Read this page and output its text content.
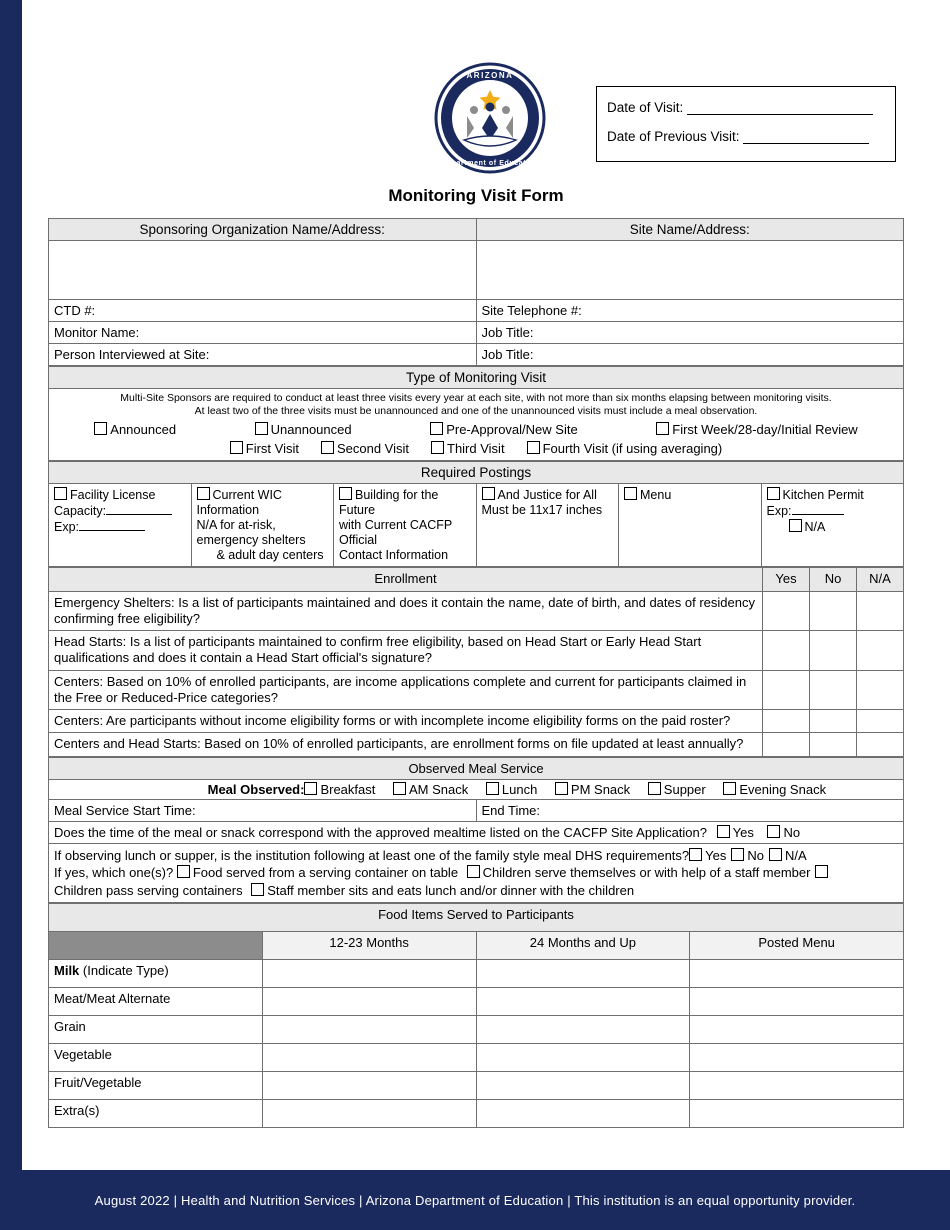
ARIZONA
Department of Education
Date of Visit:
Date of Previous Visit:
Monitoring Visit Form
Sponsoring Organization Name/Address:	Site Name/Address:

CTD #:	Site Telephone #:
Monitor Name:	Job Title:
Person Interviewed at Site:	Job Title:
Type of Monitoring Visit

Multi-Site Sponsors are required to conduct at least three visits every year at each site, with not more than six months elapsing between monitoring visits.
At least two of the three visits must be unannounced and one of the unannounced visits must include a meal observation.
Announced	Unannounced	Pre-Approval/New Site	First Week/28-day/Initial Review
First Visit	Second Visit	Third Visit	Fourth Visit (if using averaging)
Required Postings
Facility License
Capacity:
Exp:	Current WIC Information
N/A for at-risk, emergency shelters
& adult day centers	Building for the Future
with Current CACFP Official
Contact Information	And Justice for All
Must be 11x17 inches	Menu	Kitchen Permit
Exp:
N/A
Enrollment	Yes	No	N/A
Emergency Shelters: Is a list of participants maintained and does it contain the name, date of birth, and dates of residency confirming free eligibility?			
Head Starts: Is a list of participants maintained to confirm free eligibility, based on Head Start or Early Head Start qualifications and does it contain a Head Start official's signature?			
Centers: Based on 10% of enrolled participants, are income applications complete and current for participants claimed in the Free or Reduced-Price categories?			
Centers: Are participants without income eligibility forms or with incomplete income eligibility forms on the paid roster?			
Centers and Head Starts: Based on 10% of enrolled participants, are enrollment forms on file updated at least annually?			
Observed Meal Service
Meal Observed: Breakfast	AM Snack	Lunch	PM Snack	Supper	Evening Snack
Meal Service Start Time:	End Time:
Does the time of the meal or snack correspond with the approved mealtime listed on the CACFP Site Application? Yes No
If observing lunch or supper, is the institution following at least one of the family style meal DHS requirements? Yes No N/A
If yes, which one(s)? Food served from a serving container on table Children serve themselves or with help of a staff member
Children pass serving containers Staff member sits and eats lunch and/or dinner with the children
Food Items Served to Participants			
	12-23 Months	24 Months and Up	Posted Menu
Milk (Indicate Type)			
Meat/Meat Alternate			
Grain			
Vegetable			
Fruit/Vegetable			
Extra(s)			
August 2022 | Health and Nutrition Services | Arizona Department of Education | This institution is an equal opportunity provider.
